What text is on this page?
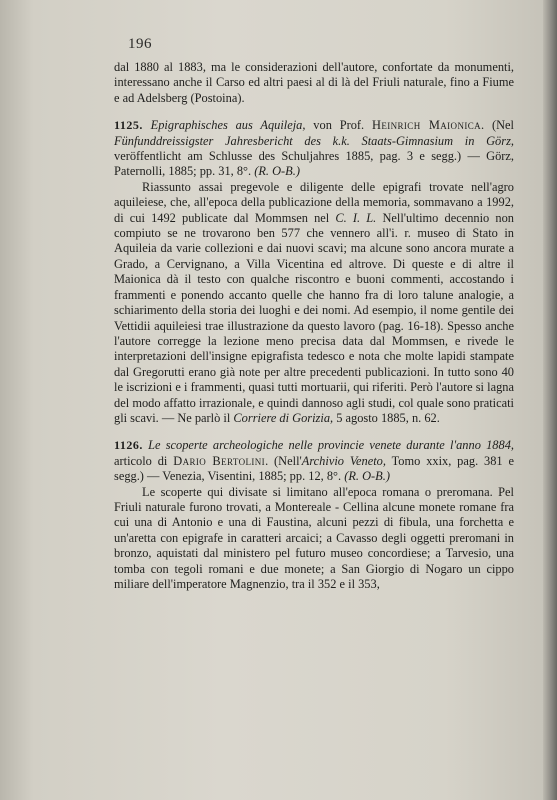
196

dal 1880 al 1883, ma le considerazioni dell'autore, confortate da monumenti, interessano anche il Carso ed altri paesi al di là del Friuli naturale, fino a Fiume e ad Adelsberg (Postoina).

1125. Epigraphisches aus Aquileja, von Prof. Heinrich Maionica. (Nel Fünfunddreissigster Jahresbericht des k.k. Staats-Gimnasium in Görz, veröffentlicht am Schlusse des Schuljahres 1885, pag. 3 e segg.) — Görz, Paternolli, 1885; pp. 31, 8°. (R. O-B.)

Riassunto assai pregevole e diligente delle epigrafi trovate nell'agro aquileiese, che, all'epoca della publicazione della memoria, sommavano a 1992, di cui 1492 publicate dal Mommsen nel C. I. L. Nell'ultimo decennio non compiuto se ne trovarono ben 577 che vennero all'i. r. museo di Stato in Aquileia da varie collezioni e dai nuovi scavi; ma alcune sono ancora murate a Grado, a Cervignano, a Villa Vicentina ed altrove. Di queste e di altre il Maionica dà il testo con qualche riscontro e buoni commenti, accostando i frammenti e ponendo accanto quelle che hanno fra di loro talune analogie, a schiarimento della storia dei luoghi e dei nomi. Ad esempio, il nome gentile dei Vettidii aquileiesi trae illustrazione da questo lavoro (pag. 16-18). Spesso anche l'autore corregge la lezione meno precisa data dal Mommsen, e rivede le interpretazioni dell'insigne epigrafista tedesco e nota che molte lapidi stampate dal Gregorutti erano già note per altre precedenti publicazioni. In tutto sono 40 le iscrizioni e i frammenti, quasi tutti mortuarii, qui riferiti. Però l'autore si lagna del modo affatto irrazionale, e quindi dannoso agli studi, col quale sono praticati gli scavi. — Ne parlò il Corriere di Gorizia, 5 agosto 1885, n. 62.

1126. Le scoperte archeologiche nelle provincie venete durante l'anno 1884, articolo di Dario Bertolini. (Nell'Archivio Veneto, Tomo xxix, pag. 381 e segg.) — Venezia, Visentini, 1885; pp. 12, 8°. (R. O-B.)

Le scoperte qui divisate si limitano all'epoca romana o preromana. Pel Friuli naturale furono trovati, a Montereale - Cellina alcune monete romane fra cui una di Antonio e una di Faustina, alcuni pezzi di fibula, una forchetta e un'aretta con epigrafe in caratteri arcaici; a Cavasso degli oggetti preromani in bronzo, aquistati dal ministero pel futuro museo concordiese; a Tarvesio, una tomba con tegoli romani e due monete; a San Giorgio di Nogaro un cippo miliare dell'imperatore Magnenzio, tra il 352 e il 353,
